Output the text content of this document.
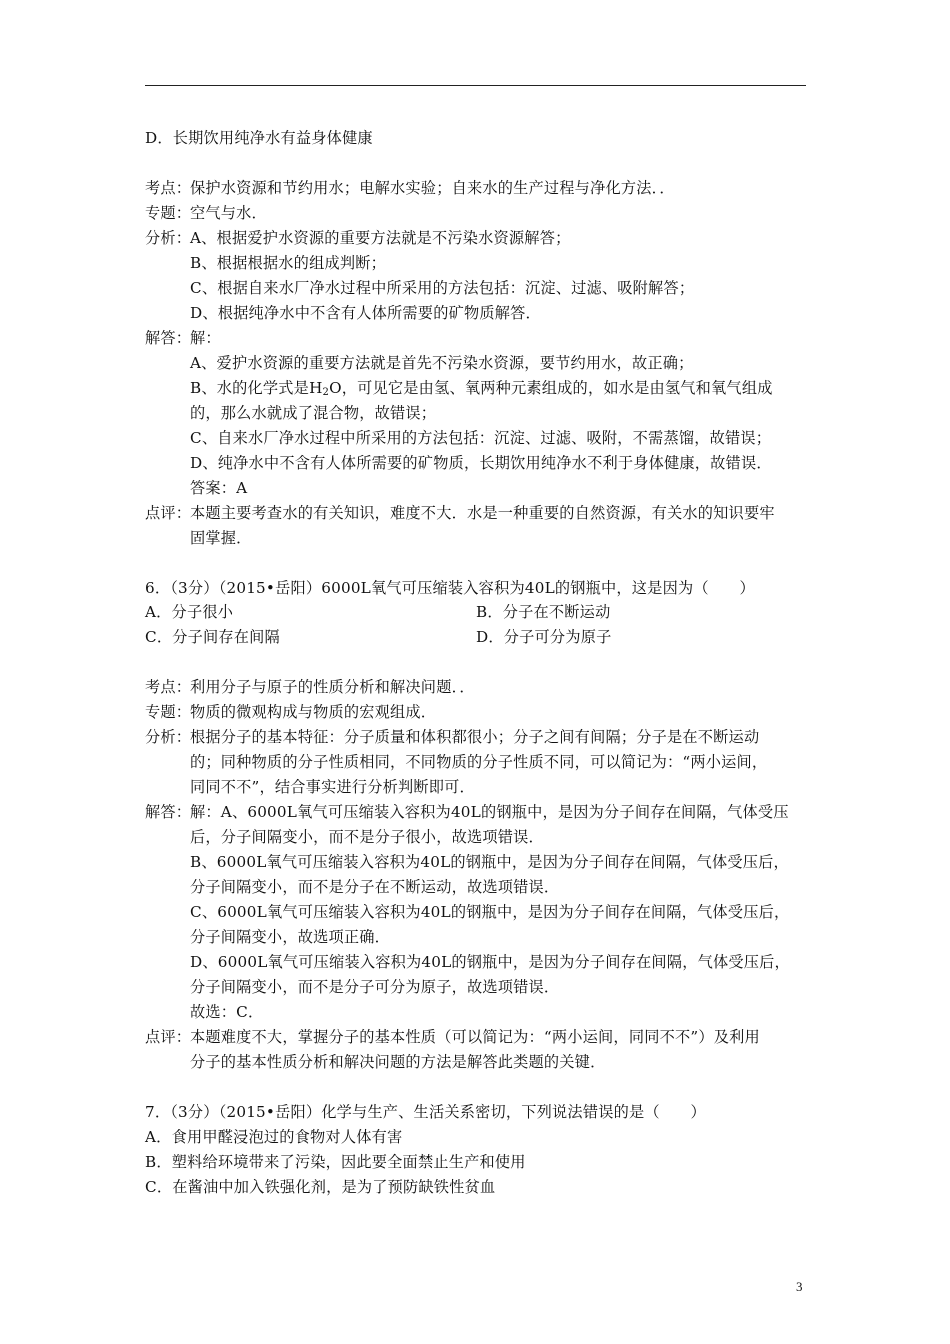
D．长期饮用纯净水有益身体健康
考点：保护水资源和节约用水；电解水实验；自来水的生产过程与净化方法．．
专题：空气与水．
分析：A、根据爱护水资源的重要方法就是不污染水资源解答；
B、根据根据水的组成判断；
C、根据自来水厂净水过程中所采用的方法包括：沉淀、过滤、吸附解答；
D、根据纯净水中不含有人体所需要的矿物质解答．
解答：解：
A、爱护水资源的重要方法就是首先不污染水资源，要节约用水，故正确；
B、水的化学式是$H_2O$，可见它是由氢、氧两种元素组成的，如水是由氢气和氧气组成
的，那么水就成了混合物，故错误；
C、自来水厂净水过程中所采用的方法包括：沉淀、过滤、吸附，不需蒸馏，故错误；
D、纯净水中不含有人体所需要的矿物质，长期饮用纯净水不利于身体健康，故错误．
答案：A
点评：本题主要考查水的有关知识，难度不大．水是一种重要的自然资源，有关水的知识要牢
固掌握．
6．（3分）（2015•岳阳）6000L氧气可压缩装入容积为40L的钢瓶中，这是因为（　　）
A．分子很小	B．分子在不断运动
C．分子间存在间隔	D．分子可分为原子
考点：利用分子与原子的性质分析和解决问题．．
专题：物质的微观构成与物质的宏观组成．
分析：根据分子的基本特征：分子质量和体积都很小；分子之间有间隔；分子是在不断运动
的；同种物质的分子性质相同，不同物质的分子性质不同，可以简记为：“两小运间，
同同不不”，结合事实进行分析判断即可．
解答：解：A、6000L氧气可压缩装入容积为40L的钢瓶中，是因为分子间存在间隔，气体受压
后，分子间隔变小，而不是分子很小，故选项错误．
B、6000L氧气可压缩装入容积为40L的钢瓶中，是因为分子间存在间隔，气体受压后，
分子间隔变小，而不是分子在不断运动，故选项错误．
C、6000L氧气可压缩装入容积为40L的钢瓶中，是因为分子间存在间隔，气体受压后，
分子间隔变小，故选项正确．
D、6000L氧气可压缩装入容积为40L的钢瓶中，是因为分子间存在间隔，气体受压后，
分子间隔变小，而不是分子可分为原子，故选项错误．
故选：C．
点评：本题难度不大，掌握分子的基本性质（可以简记为：“两小运间，同同不不”）及利用
分子的基本性质分析和解决问题的方法是解答此类题的关键．
7．（3分）（2015•岳阳）化学与生产、生活关系密切，下列说法错误的是（　　）
A．食用甲醛浸泡过的食物对人体有害
B．塑料给环境带来了污染，因此要全面禁止生产和使用
C．在酱油中加入铁强化剂，是为了预防缺铁性贫血
3
